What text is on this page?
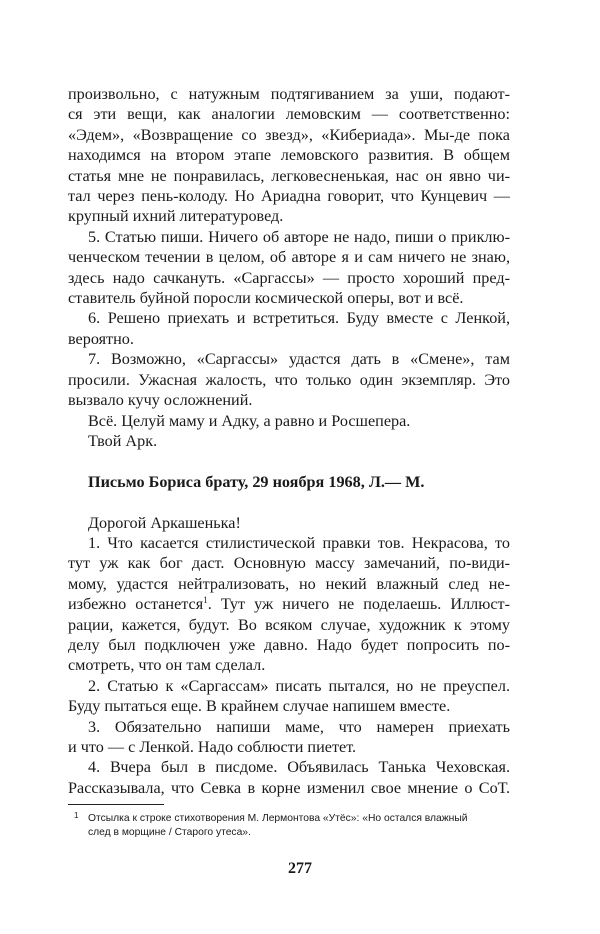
произвольно, с натужным подтягиванием за уши, подают-

ся эти вещи, как аналогии лемовским — соответственно:

«Эдем», «Возвращение со звезд», «Кибериада». Мы-де пока

находимся на втором этапе лемовского развития. В общем

статья мне не понравилась, легковесненькая, нас он явно чи-

тал через пень-колоду. Но Ариадна говорит, что Кунцевич —

крупный ихний литературовед.

5. Статью пиши. Ничего об авторе не надо, пиши о приклю-

ченческом течении в целом, об авторе я и сам ничего не знаю,

здесь надо сачкануть. «Саргассы» — просто хороший пред-

ставитель буйной поросли космической оперы, вот и всё.

6. Решено приехать и встретиться. Буду вместе с Ленкой,

вероятно.

7. Возможно, «Саргассы» удастся дать в «Смене», там

просили. Ужасная жалость, что только один экземпляр. Это

вызвало кучу осложнений.

Всё. Целуй маму и Адку, а равно и Росшепера.

Твой Арк.

Письмо Бориса брату, 29 ноября 1968, Л.— М.

Дорогой Аркашенька!

1. Что касается стилистической правки тов. Некрасова, то

тут уж как бог даст. Основную массу замечаний, по-види-

мому, удастся нейтрализовать, но некий влажный след не-

избежно останется$^1$. Тут уж ничего не поделаешь. Иллюст-

рации, кажется, будут. Во всяком случае, художник к этому

делу был подключен уже давно. Надо будет попросить по-

смотреть, что он там сделал.

2. Статью к «Саргассам» писать пытался, но не преуспел.

Буду пытаться еще. В крайнем случае напишем вместе.

3. Обязательно напиши маме, что намерен приехать

и что — с Ленкой. Надо соблюсти пиетет.

4. Вчера был в писдоме. Объявилась Танька Чеховская.

Рассказывала, что Севка в корне изменил свое мнение о СоТ.

1 Отсылка к строке стихотворения М. Лермонтова «Утёс»: «Но остался влажный
след в морщине / Старого утеса».
277
